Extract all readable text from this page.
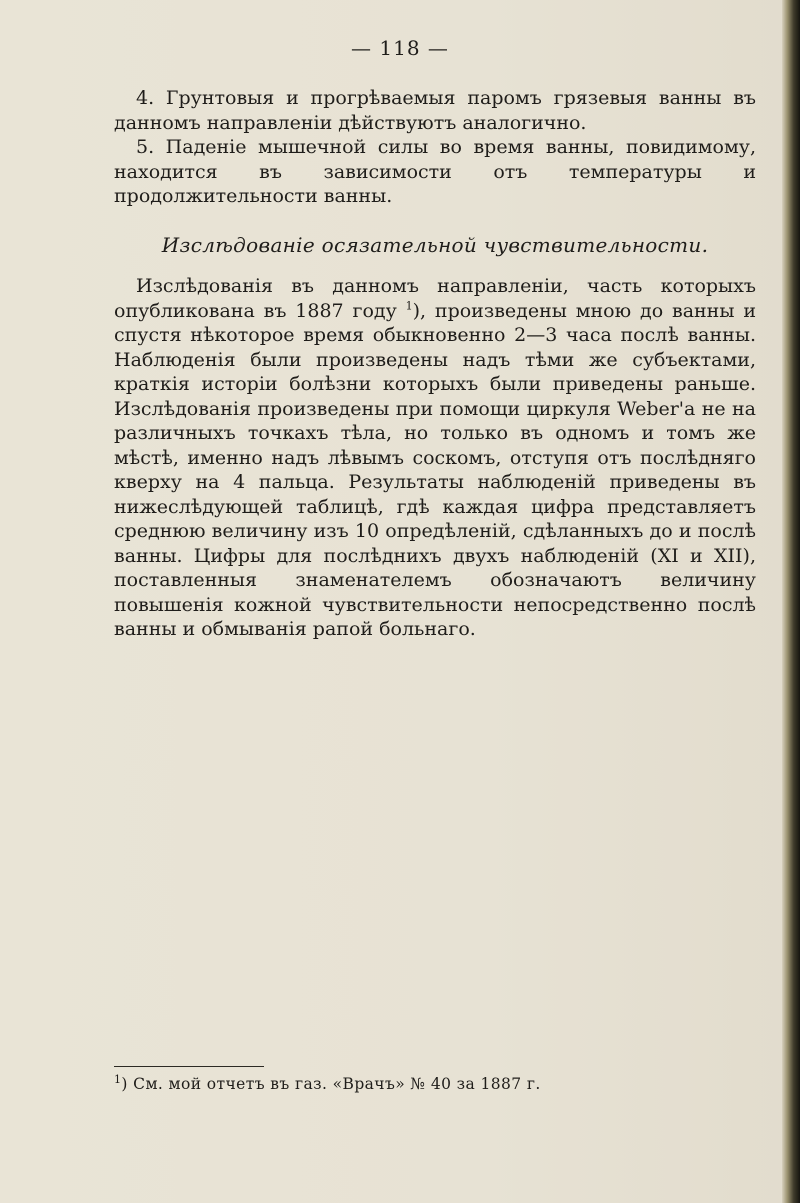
— 118 —

4. Грунтовыя и прогрѣваемыя паромъ грязевыя ванны въ данномъ направленіи дѣйствуютъ аналогично.

5. Паденіе мышечной силы во время ванны, повидимому, находится въ зависимости отъ температуры и продолжительности ванны.

Изслѣдованіе осязательной чувствительности.

Изслѣдованія въ данномъ направленіи, часть которыхъ опубликована въ 1887 году $^1$), произведены мною до ванны и спустя нѣкоторое время обыкновенно 2—3 часа послѣ ванны. Наблюденія были произведены надъ тѣми же субъектами, краткія исторіи болѣзни которыхъ были приведены раньше. Изслѣдованія произведены при помощи циркуля Weber'а не на различныхъ точкахъ тѣла, но только въ одномъ и томъ же мѣстѣ, именно надъ лѣвымъ соскомъ, отступя отъ послѣдняго кверху на 4 пальца. Результаты наблюденій приведены въ нижеслѣдующей таблицѣ, гдѣ каждая цифра представляетъ среднюю величину изъ 10 опредѣленій, сдѣланныхъ до и послѣ ванны. Цифры для послѣднихъ двухъ наблюденій (XI и XII), поставленныя знаменателемъ обозначаютъ величину повышенія кожной чувствительности непосредственно послѣ ванны и обмыванія рапой больнаго.

$^1$) См. мой отчетъ въ газ. «Врачъ» № 40 за 1887 г.
